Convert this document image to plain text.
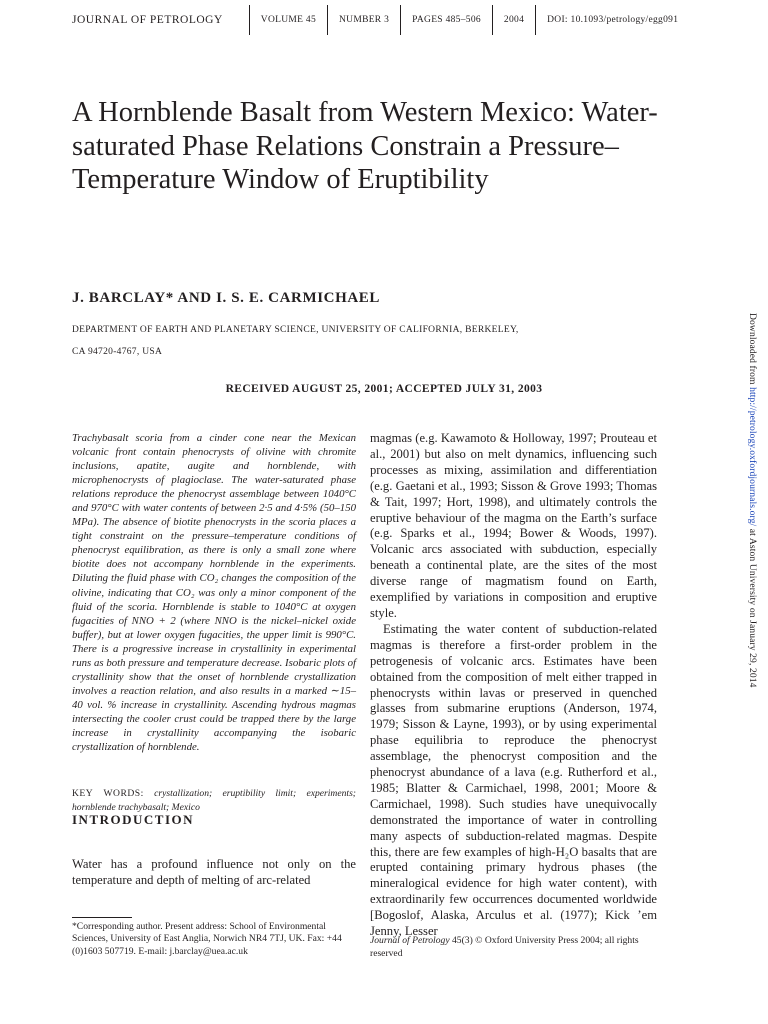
JOURNAL OF PETROLOGY	VOLUME 45	NUMBER 3	PAGES 485–506	2004	DOI: 10.1093/petrology/egg091
A Hornblende Basalt from Western Mexico: Water-saturated Phase Relations Constrain a Pressure–Temperature Window of Eruptibility
J. BARCLAY* AND I. S. E. CARMICHAEL
DEPARTMENT OF EARTH AND PLANETARY SCIENCE, UNIVERSITY OF CALIFORNIA, BERKELEY,
CA 94720-4767, USA
RECEIVED AUGUST 25, 2001; ACCEPTED JULY 31, 2003

Trachybasalt scoria from a cinder cone near the Mexican volcanic front contain phenocrysts of olivine with chromite inclusions, apatite, augite and hornblende, with microphenocrysts of plagioclase. The water-saturated phase relations reproduce the phenocryst assemblage between 1040°C and 970°C with water contents of between 2·5 and 4·5% (50–150 MPa). The absence of biotite phenocrysts in the scoria places a tight constraint on the pressure–temperature conditions of phenocryst equilibration, as there is only a small zone where biotite does not accompany hornblende in the experiments. Diluting the fluid phase with CO₂ changes the composition of the olivine, indicating that CO₂ was only a minor component of the fluid of the scoria. Hornblende is stable to 1040°C at oxygen fugacities of NNO + 2 (where NNO is the nickel–nickel oxide buffer), but at lower oxygen fugacities, the upper limit is 990°C. There is a progressive increase in crystallinity in experimental runs as both pressure and temperature decrease. Isobaric plots of crystallinity show that the onset of hornblende crystallization involves a reaction relation, and also results in a marked ∼15–40 vol. % increase in crystallinity. Ascending hydrous magmas intersecting the cooler crust could be trapped there by the large increase in crystallinity accompanying the isobaric crystallization of hornblende.

KEY WORDS: crystallization; eruptibility limit; experiments; hornblende trachybasalt; Mexico

INTRODUCTION

Water has a profound influence not only on the temperature and depth of melting of arc-related

magmas (e.g. Kawamoto & Holloway, 1997; Prouteau et al., 2001) but also on melt dynamics, influencing such processes as mixing, assimilation and differentiation (e.g. Gaetani et al., 1993; Sisson & Grove 1993; Thomas & Tait, 1997; Hort, 1998), and ultimately controls the eruptive behaviour of the magma on the Earth’s surface (e.g. Sparks et al., 1994; Bower & Woods, 1997). Volcanic arcs associated with subduction, especially beneath a continental plate, are the sites of the most diverse range of magmatism found on Earth, exemplified by variations in composition and eruptive style.

Estimating the water content of subduction-related magmas is therefore a first-order problem in the petrogenesis of volcanic arcs. Estimates have been obtained from the composition of melt either trapped in phenocrysts within lavas or preserved in quenched glasses from submarine eruptions (Anderson, 1974, 1979; Sisson & Layne, 1993), or by using experimental phase equilibria to reproduce the phenocryst assemblage, the phenocryst composition and the phenocryst abundance of a lava (e.g. Rutherford et al., 1985; Blatter & Carmichael, 1998, 2001; Moore & Carmichael, 1998). Such studies have unequivocally demonstrated the importance of water in controlling many aspects of subduction-related magmas. Despite this, there are few examples of high-H₂O basalts that are erupted containing primary hydrous phases (the mineralogical evidence for high water content), with extraordinarily few occurrences documented worldwide [Bogoslof, Alaska, Arculus et al. (1977); Kick ’em Jenny, Lesser

*Corresponding author. Present address: School of Environmental Sciences, University of East Anglia, Norwich NR4 7TJ, UK. Fax: +44 (0)1603 507719. E-mail: j.barclay@uea.ac.uk

Journal of Petrology 45(3) © Oxford University Press 2004; all rights reserved

Downloaded from http://petrology.oxfordjournals.org/ at Aston University on January 29, 2014
